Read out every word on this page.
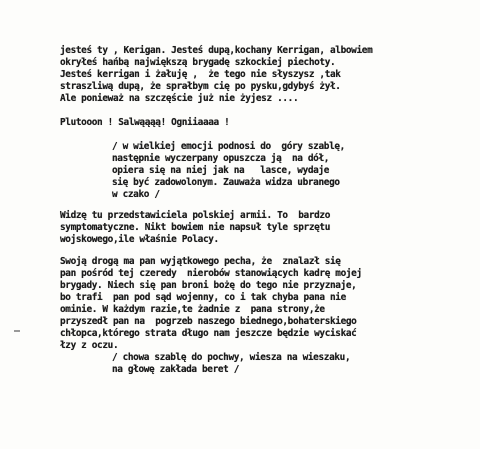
jesteś ty , Kerigan. Jesteś dupą,kochany Kerrigan, albowiem
okryłeś hańbą największą brygadę szkockiej piechoty.
Jesteś kerrigan i żałuję ,  że tego nie słyszysz ,tak
straszliwą dupą, że sprałbym cię po pysku,gdybyś żył.
Ale ponieważ na szczęście już nie żyjesz ....
Plutooon ! Salwąąąą! Ogniiaaaa !
/ w wielkiej emocji podnosi do  góry szablę,
następnie wyczerpany opuszcza ją  na dół,
opiera się na niej jak na   lasce, wydaje
się być zadowolonym. Zauważa widza ubranego
w czako /
Widzę tu przedstawiciela polskiej armii. To  bardzo
symptomatyczne. Nikt bowiem nie napsuł tyle sprzętu
wojskowego,ile właśnie Polacy.
Swoją drogą ma pan wyjątkowego pecha, że  znalazł się
pan pośród tej czeredy  nierobów stanowiących kadrę mojej
brygady. Niech się pan broni bożę do tego nie przyznaje,
bo trafi  pan pod sąd wojenny, co i tak chyba pana nie
ominie. W każdym razie,te żadnie z  pana strony,że
przyszedł pan na  pogrzeb naszego biednego,bohaterskiego
chłopca,którego strata długo nam jeszcze będzie wyciskać
łzy z oczu.
/ chowa szablę do pochwy, wiesza na wieszaku,
na głowę zakłada beret /
